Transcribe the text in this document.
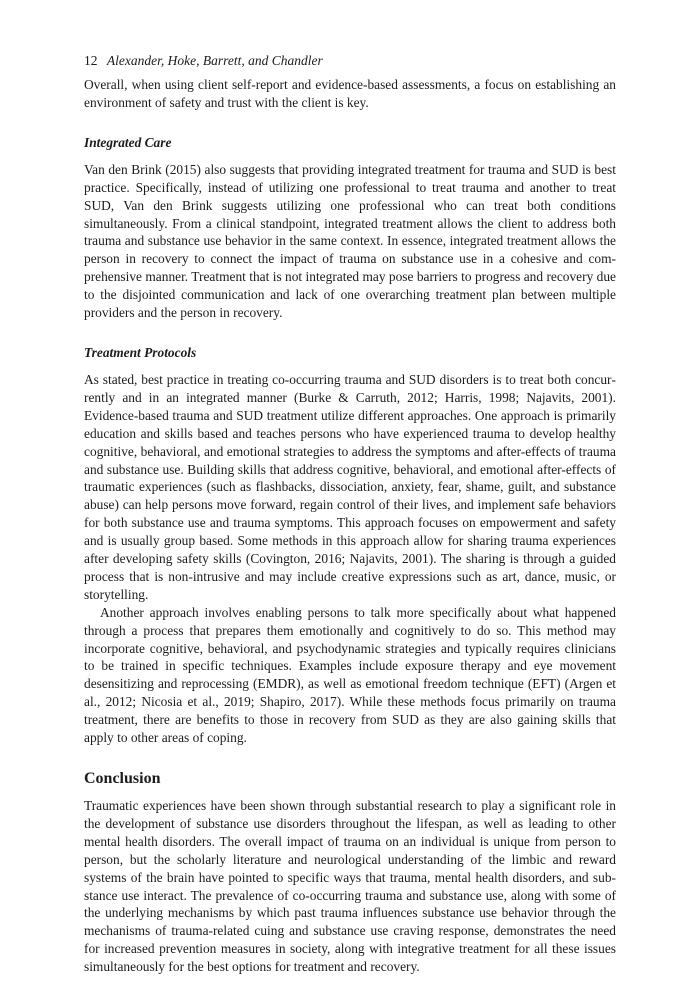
12 Alexander, Hoke, Barrett, and Chandler

Overall, when using client self-report and evidence-based assessments, a focus on establishing an environment of safety and trust with the client is key.

Integrated Care

Van den Brink (2015) also suggests that providing integrated treatment for trauma and SUD is best practice. Specifically, instead of utilizing one professional to treat trauma and another to treat SUD, Van den Brink suggests utilizing one professional who can treat both conditions simultaneously. From a clinical standpoint, integrated treatment allows the client to address both trauma and substance use behavior in the same context. In essence, integrated treatment allows the person in recovery to connect the impact of trauma on substance use in a cohesive and comprehensive manner. Treatment that is not integrated may pose barriers to progress and recovery due to the disjointed communication and lack of one overarching treatment plan between multiple providers and the person in recovery.

Treatment Protocols

As stated, best practice in treating co-occurring trauma and SUD disorders is to treat both concurrently and in an integrated manner (Burke & Carruth, 2012; Harris, 1998; Najavits, 2001). Evidence-based trauma and SUD treatment utilize different approaches. One approach is primarily education and skills based and teaches persons who have experienced trauma to develop healthy cognitive, behavioral, and emotional strategies to address the symptoms and after-effects of trauma and substance use. Building skills that address cognitive, behavioral, and emotional after-effects of traumatic experiences (such as flashbacks, dissociation, anxiety, fear, shame, guilt, and substance abuse) can help persons move forward, regain control of their lives, and implement safe behaviors for both substance use and trauma symptoms. This approach focuses on empowerment and safety and is usually group based. Some methods in this approach allow for sharing trauma experiences after developing safety skills (Covington, 2016; Najavits, 2001). The sharing is through a guided process that is non-intrusive and may include creative expressions such as art, dance, music, or storytelling.

Another approach involves enabling persons to talk more specifically about what happened through a process that prepares them emotionally and cognitively to do so. This method may incorporate cognitive, behavioral, and psychodynamic strategies and typically requires clinicians to be trained in specific techniques. Examples include exposure therapy and eye movement desensitizing and reprocessing (EMDR), as well as emotional freedom technique (EFT) (Argen et al., 2012; Nicosia et al., 2019; Shapiro, 2017). While these methods focus primarily on trauma treatment, there are benefits to those in recovery from SUD as they are also gaining skills that apply to other areas of coping.

Conclusion

Traumatic experiences have been shown through substantial research to play a significant role in the development of substance use disorders throughout the lifespan, as well as leading to other mental health disorders. The overall impact of trauma on an individual is unique from person to person, but the scholarly literature and neurological understanding of the limbic and reward systems of the brain have pointed to specific ways that trauma, mental health disorders, and substance use interact. The prevalence of co-occurring trauma and substance use, along with some of the underlying mechanisms by which past trauma influences substance use behavior through the mechanisms of trauma-related cuing and substance use craving response, demonstrates the need for increased prevention measures in society, along with integrative treatment for all these issues simultaneously for the best options for treatment and recovery.
